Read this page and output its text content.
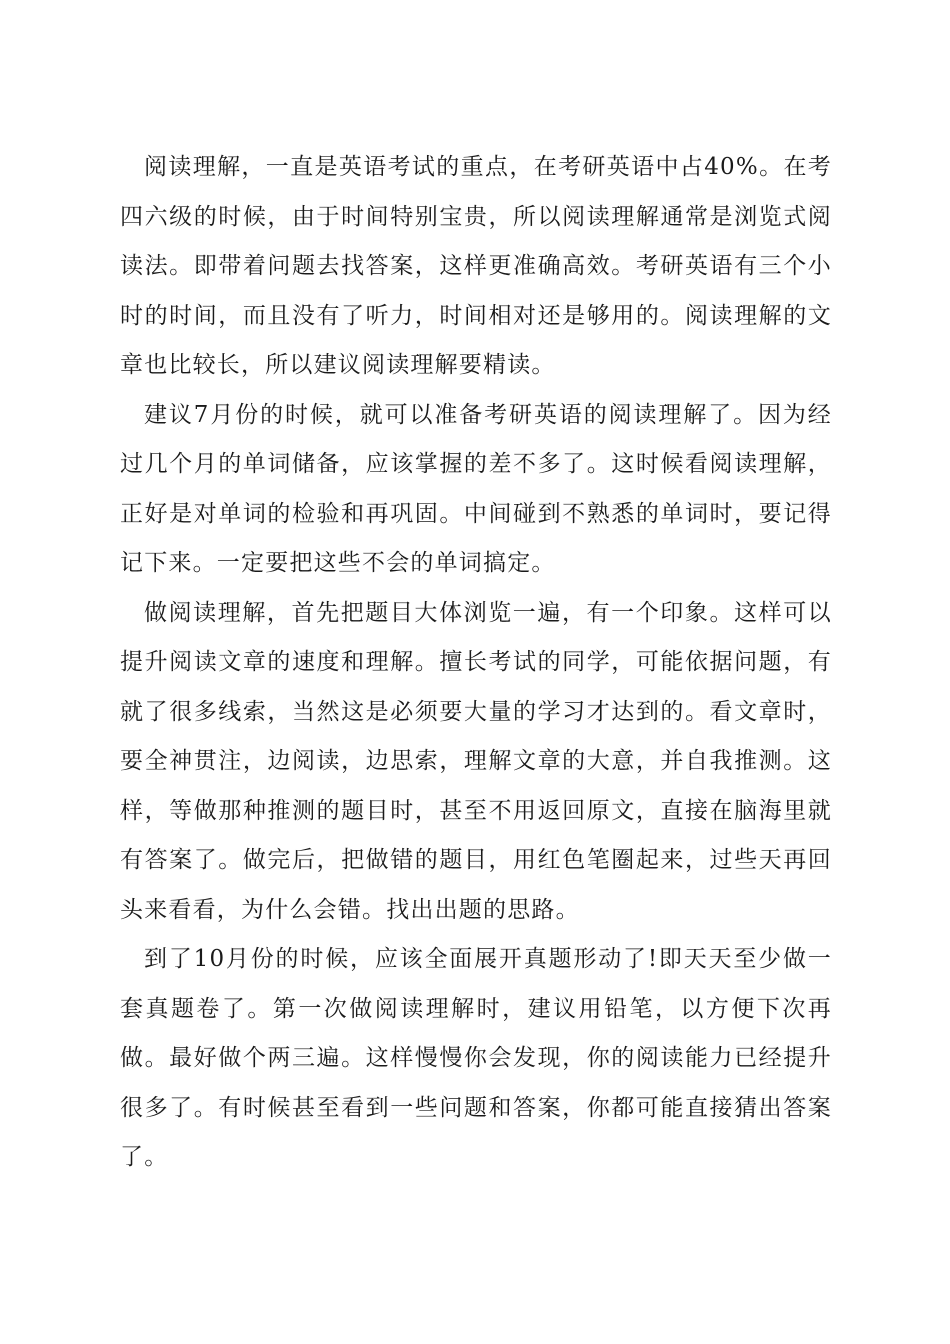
阅读理解，一直是英语考试的重点，在考研英语中占40%。在考四六级的时候，由于时间特别宝贵，所以阅读理解通常是浏览式阅读法。即带着问题去找答案，这样更准确高效。考研英语有三个小时的时间，而且没有了听力，时间相对还是够用的。阅读理解的文章也比较长，所以建议阅读理解要精读。

建议7月份的时候，就可以准备考研英语的阅读理解了。因为经过几个月的单词储备，应该掌握的差不多了。这时候看阅读理解，正好是对单词的检验和再巩固。中间碰到不熟悉的单词时，要记得记下来。一定要把这些不会的单词搞定。

做阅读理解，首先把题目大体浏览一遍，有一个印象。这样可以提升阅读文章的速度和理解。擅长考试的同学，可能依据问题，有就了很多线索，当然这是必须要大量的学习才达到的。看文章时，要全神贯注，边阅读，边思索，理解文章的大意，并自我推测。这样，等做那种推测的题目时，甚至不用返回原文，直接在脑海里就有答案了。做完后，把做错的题目，用红色笔圈起来，过些天再回头来看看，为什么会错。找出出题的思路。

到了10月份的时候，应该全面展开真题形动了!即天天至少做一套真题卷了。第一次做阅读理解时，建议用铅笔，以方便下次再做。最好做个两三遍。这样慢慢你会发现，你的阅读能力已经提升很多了。有时候甚至看到一些问题和答案，你都可能直接猜出答案了。
